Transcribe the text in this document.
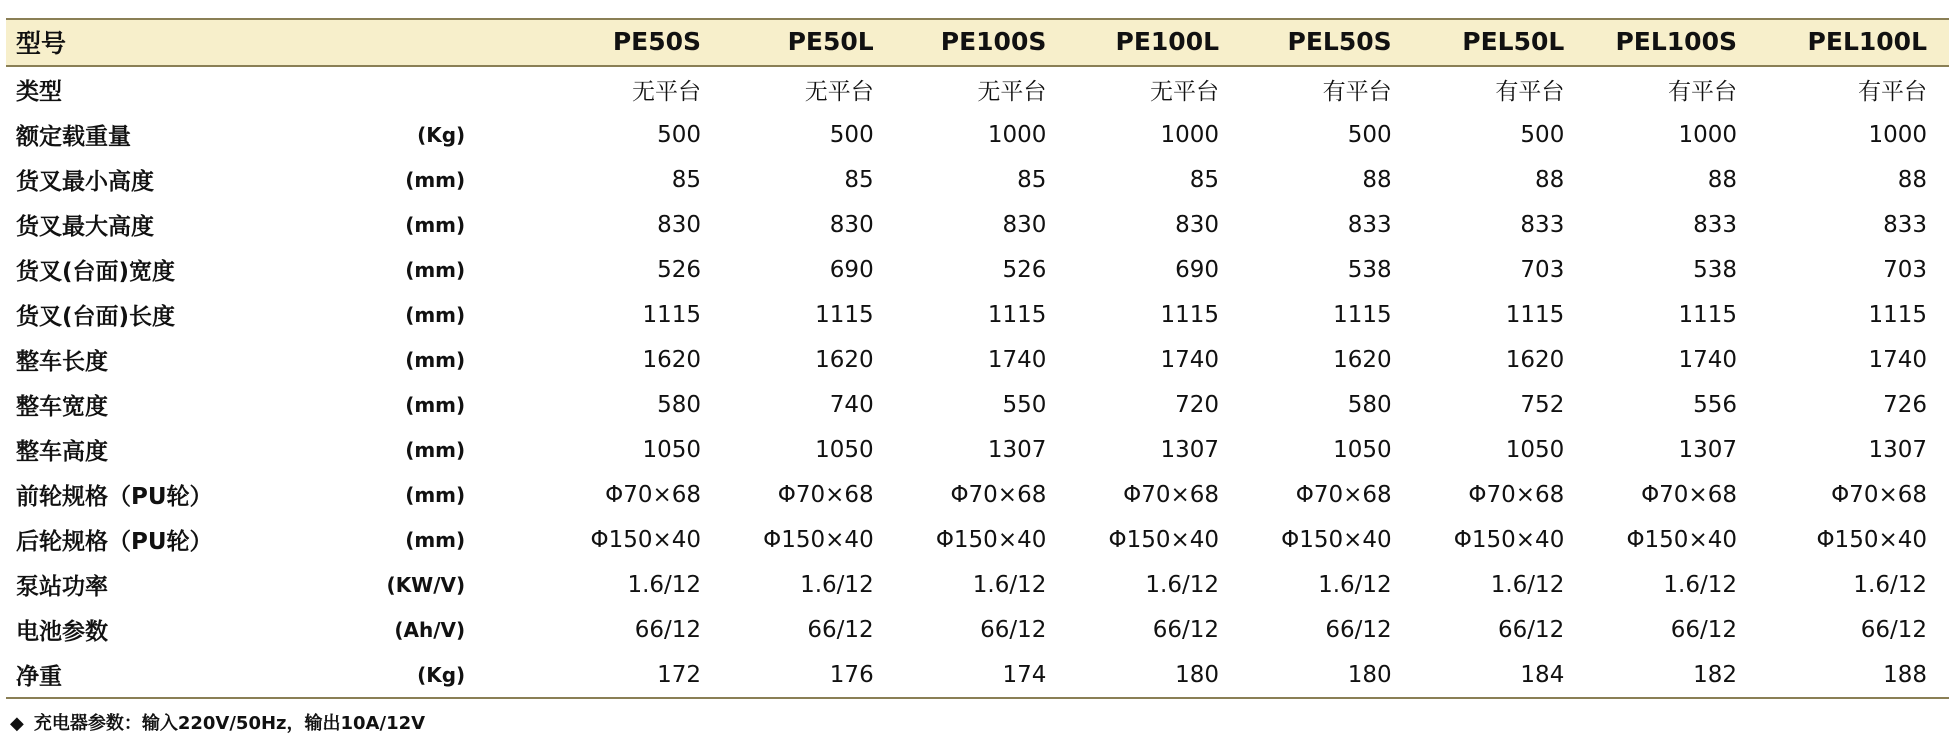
型号		PE50S	PE50L	PE100S	PE100L	PEL50S	PEL50L	PEL100S	PEL100L
类型		无平台	无平台	无平台	无平台	有平台	有平台	有平台	有平台
额定载重量	(Kg)	500	500	1000	1000	500	500	1000	1000
货叉最小高度	(mm)	85	85	85	85	88	88	88	88
货叉最大高度	(mm)	830	830	830	830	833	833	833	833
货叉(台面)宽度	(mm)	526	690	526	690	538	703	538	703
货叉(台面)长度	(mm)	1115	1115	1115	1115	1115	1115	1115	1115
整车长度	(mm)	1620	1620	1740	1740	1620	1620	1740	1740
整车宽度	(mm)	580	740	550	720	580	752	556	726
整车高度	(mm)	1050	1050	1307	1307	1050	1050	1307	1307
前轮规格（PU轮）	(mm)	Φ70×68	Φ70×68	Φ70×68	Φ70×68	Φ70×68	Φ70×68	Φ70×68	Φ70×68
后轮规格（PU轮）	(mm)	Φ150×40	Φ150×40	Φ150×40	Φ150×40	Φ150×40	Φ150×40	Φ150×40	Φ150×40
泵站功率	(KW/V)	1.6/12	1.6/12	1.6/12	1.6/12	1.6/12	1.6/12	1.6/12	1.6/12
电池参数	(Ah/V)	66/12	66/12	66/12	66/12	66/12	66/12	66/12	66/12
净重	(Kg)	172	176	174	180	180	184	182	188
◆ 充电器参数：输入220V/50Hz，输出10A/12V
